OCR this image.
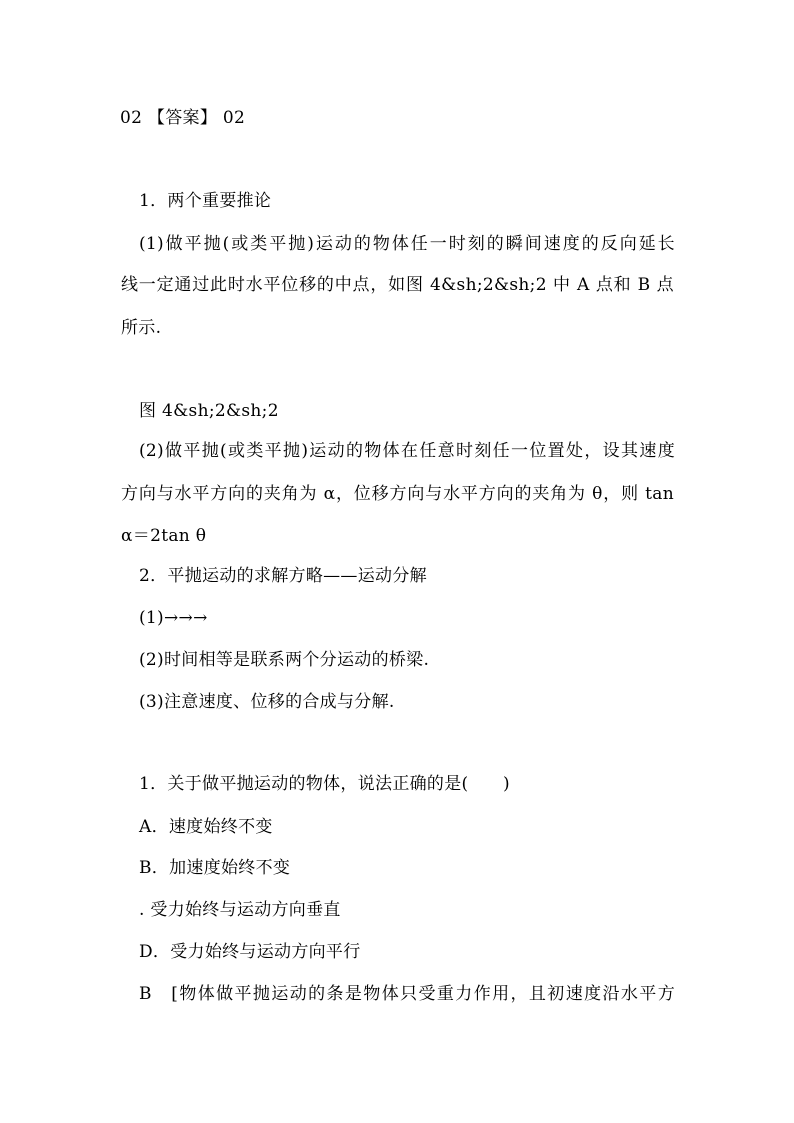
02 【答案】 02
1．两个重要推论
(1)做平抛(或类平抛)运动的物体任一时刻的瞬间速度的反向延长
线一定通过此时水平位移的中点，如图 4&sh;2&sh;2 中 A 点和 B 点
所示.
图 4&sh;2&sh;2
(2)做平抛(或类平抛)运动的物体在任意时刻任一位置处，设其速度
方向与水平方向的夹角为 α，位移方向与水平方向的夹角为 θ，则 tan
α＝2tan θ
2．平抛运动的求解方略——运动分解
(1)→→→
(2)时间相等是联系两个分运动的桥梁.
(3)注意速度、位移的合成与分解.
1．关于做平抛运动的物体，说法正确的是(　　)
A．速度始终不变
B．加速度始终不变
. 受力始终与运动方向垂直
D．受力始终与运动方向平行
B　[物体做平抛运动的条是物体只受重力作用，且初速度沿水平方
